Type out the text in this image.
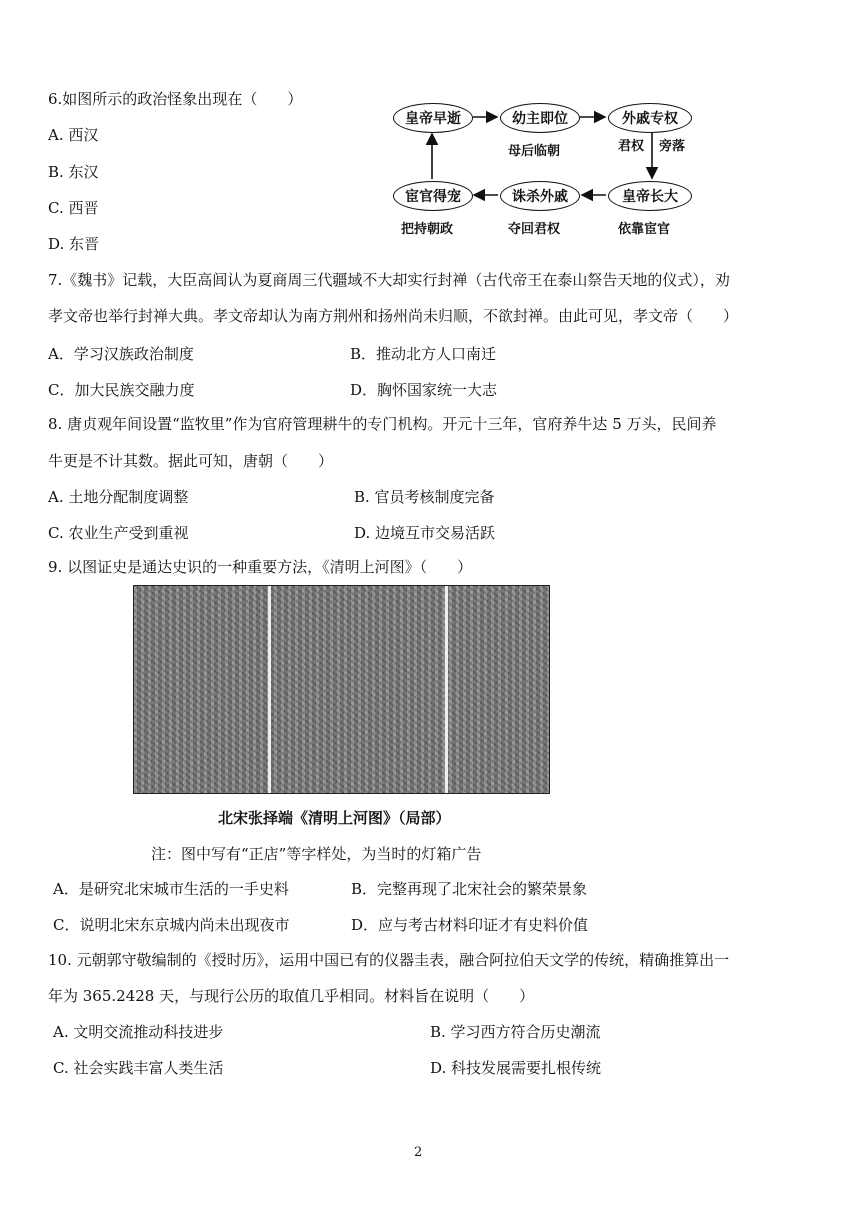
6.如图所示的政治怪象出现在（　　）
A. 西汉
B. 东汉
C. 西晋
D. 东晋
皇帝早逝	幼主即位	外戚专权
皇帝长大
诛杀外戚
宦官得宠
母后临朝	君权 旁落
依靠宦官
夺回君权
把持朝政
7.《魏书》记载，大臣高闾认为夏商周三代疆域不大却实行封禅（古代帝王在泰山祭告天地的仪式），劝
孝文帝也举行封禅大典。孝文帝却认为南方荆州和扬州尚未归顺，不欲封禅。由此可见，孝文帝（　　）
A．学习汉族政治制度	B．推动北方人口南迁
C．加大民族交融力度	D．胸怀国家统一大志
8. 唐贞观年间设置“监牧里”作为官府管理耕牛的专门机构。开元十三年，官府养牛达 5 万头，民间养
牛更是不计其数。据此可知，唐朝（　　）
A. 土地分配制度调整	B. 官员考核制度完备
C. 农业生产受到重视	D. 边境互市交易活跃
9. 以图证史是通达史识的一种重要方法，《清明上河图》（　　）
北宋张择端《清明上河图》（局部）
注：图中写有“正店”等字样处，为当时的灯箱广告
A．是研究北宋城市生活的一手史料	B．完整再现了北宋社会的繁荣景象
C．说明北宋东京城内尚未出现夜市	D．应与考古材料印证才有史料价值
10. 元朝郭守敬编制的《授时历》，运用中国已有的仪器圭表，融合阿拉伯天文学的传统，精确推算出一
年为 365.2428 天，与现行公历的取值几乎相同。材料旨在说明（　　）
A. 文明交流推动科技进步	B. 学习西方符合历史潮流
C. 社会实践丰富人类生活	D. 科技发展需要扎根传统
2
